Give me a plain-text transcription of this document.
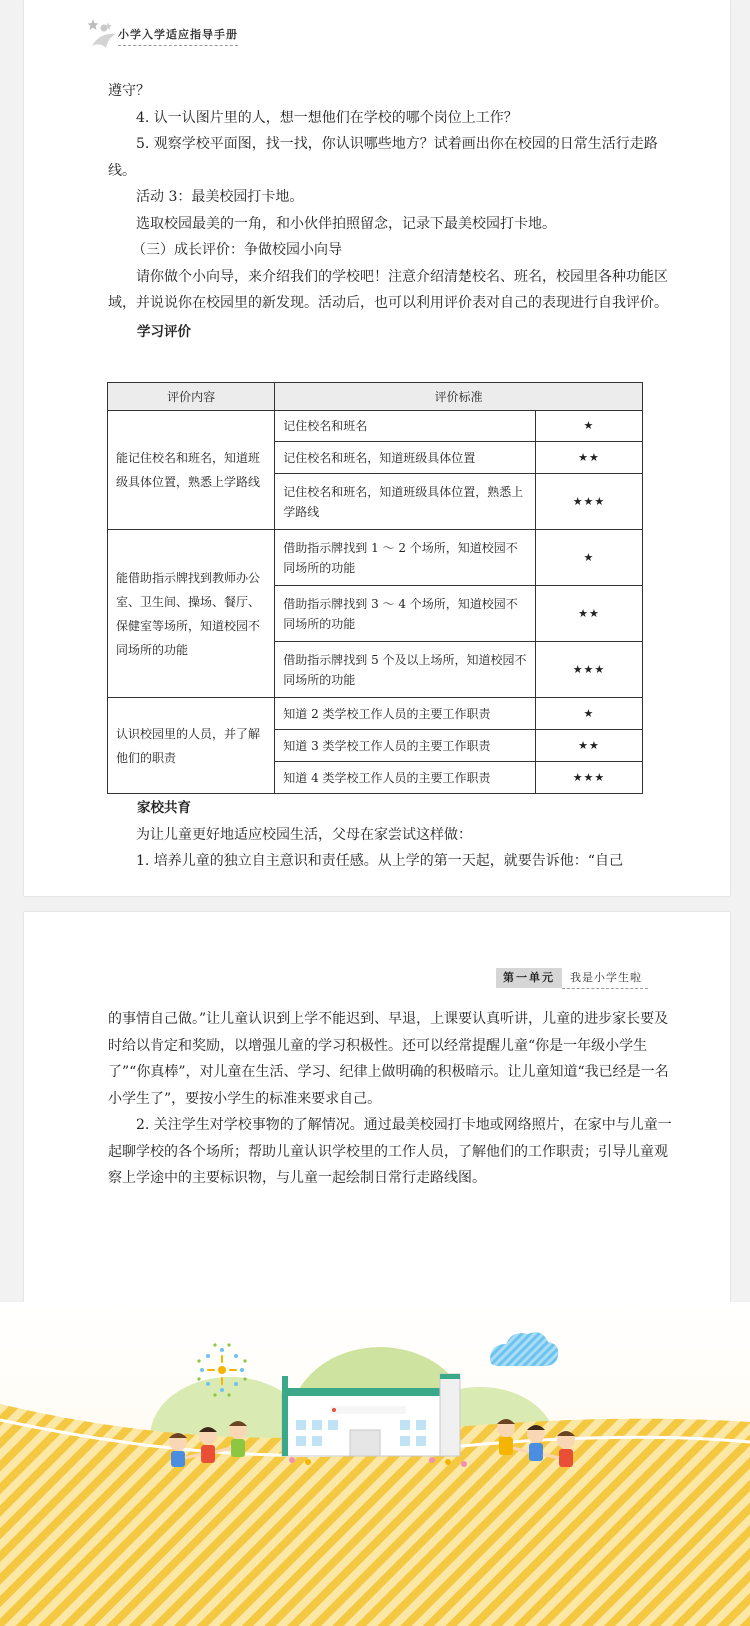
小学入学适应指导手册

遵守？

4. 认一认图片里的人，想一想他们在学校的哪个岗位上工作？

5. 观察学校平面图，找一找，你认识哪些地方？试着画出你在校园的日常生活行走路线。

活动 3：最美校园打卡地。

选取校园最美的一角，和小伙伴拍照留念，记录下最美校园打卡地。

（三）成长评价：争做校园小向导

请你做个小向导，来介绍我们的学校吧！注意介绍清楚校名、班名，校园里各种功能区域，并说说你在校园里的新发现。活动后，也可以利用评价表对自己的表现进行自我评价。

学习评价

评价内容	评价标准	
能记住校名和班名，知道班级具体位置，熟悉上学路线	记住校名和班名	★
	记住校名和班名，知道班级具体位置	★★
	记住校名和班名，知道班级具体位置，熟悉上学路线	★★★
能借助指示牌找到教师办公室、卫生间、操场、餐厅、保健室等场所，知道校园不同场所的功能	借助指示牌找到 1 ～ 2 个场所，知道校园不同场所的功能	★
	借助指示牌找到 3 ～ 4 个场所，知道校园不同场所的功能	★★
	借助指示牌找到 5 个及以上场所，知道校园不同场所的功能	★★★
认识校园里的人员，并了解他们的职责	知道 2 类学校工作人员的主要工作职责	★
	知道 3 类学校工作人员的主要工作职责	★★
	知道 4 类学校工作人员的主要工作职责	★★★

家校共育

为让儿童更好地适应校园生活，父母在家尝试这样做：

1. 培养儿童的独立自主意识和责任感。从上学的第一天起，就要告诉他：“自己

第一单元 我是小学生啦

的事情自己做。”让儿童认识到上学不能迟到、早退，上课要认真听讲，儿童的进步家长要及时给以肯定和奖励，以增强儿童的学习积极性。还可以经常提醒儿童“你是一年级小学生了”“你真棒”，对儿童在生活、学习、纪律上做明确的积极暗示。让儿童知道“我已经是一名小学生了”，要按小学生的标准来要求自己。

2. 关注学生对学校事物的了解情况。通过最美校园打卡地或网络照片，在家中与儿童一起聊学校的各个场所；帮助儿童认识学校里的工作人员，了解他们的工作职责；引导儿童观察上学途中的主要标识物，与儿童一起绘制日常行走路线图。
